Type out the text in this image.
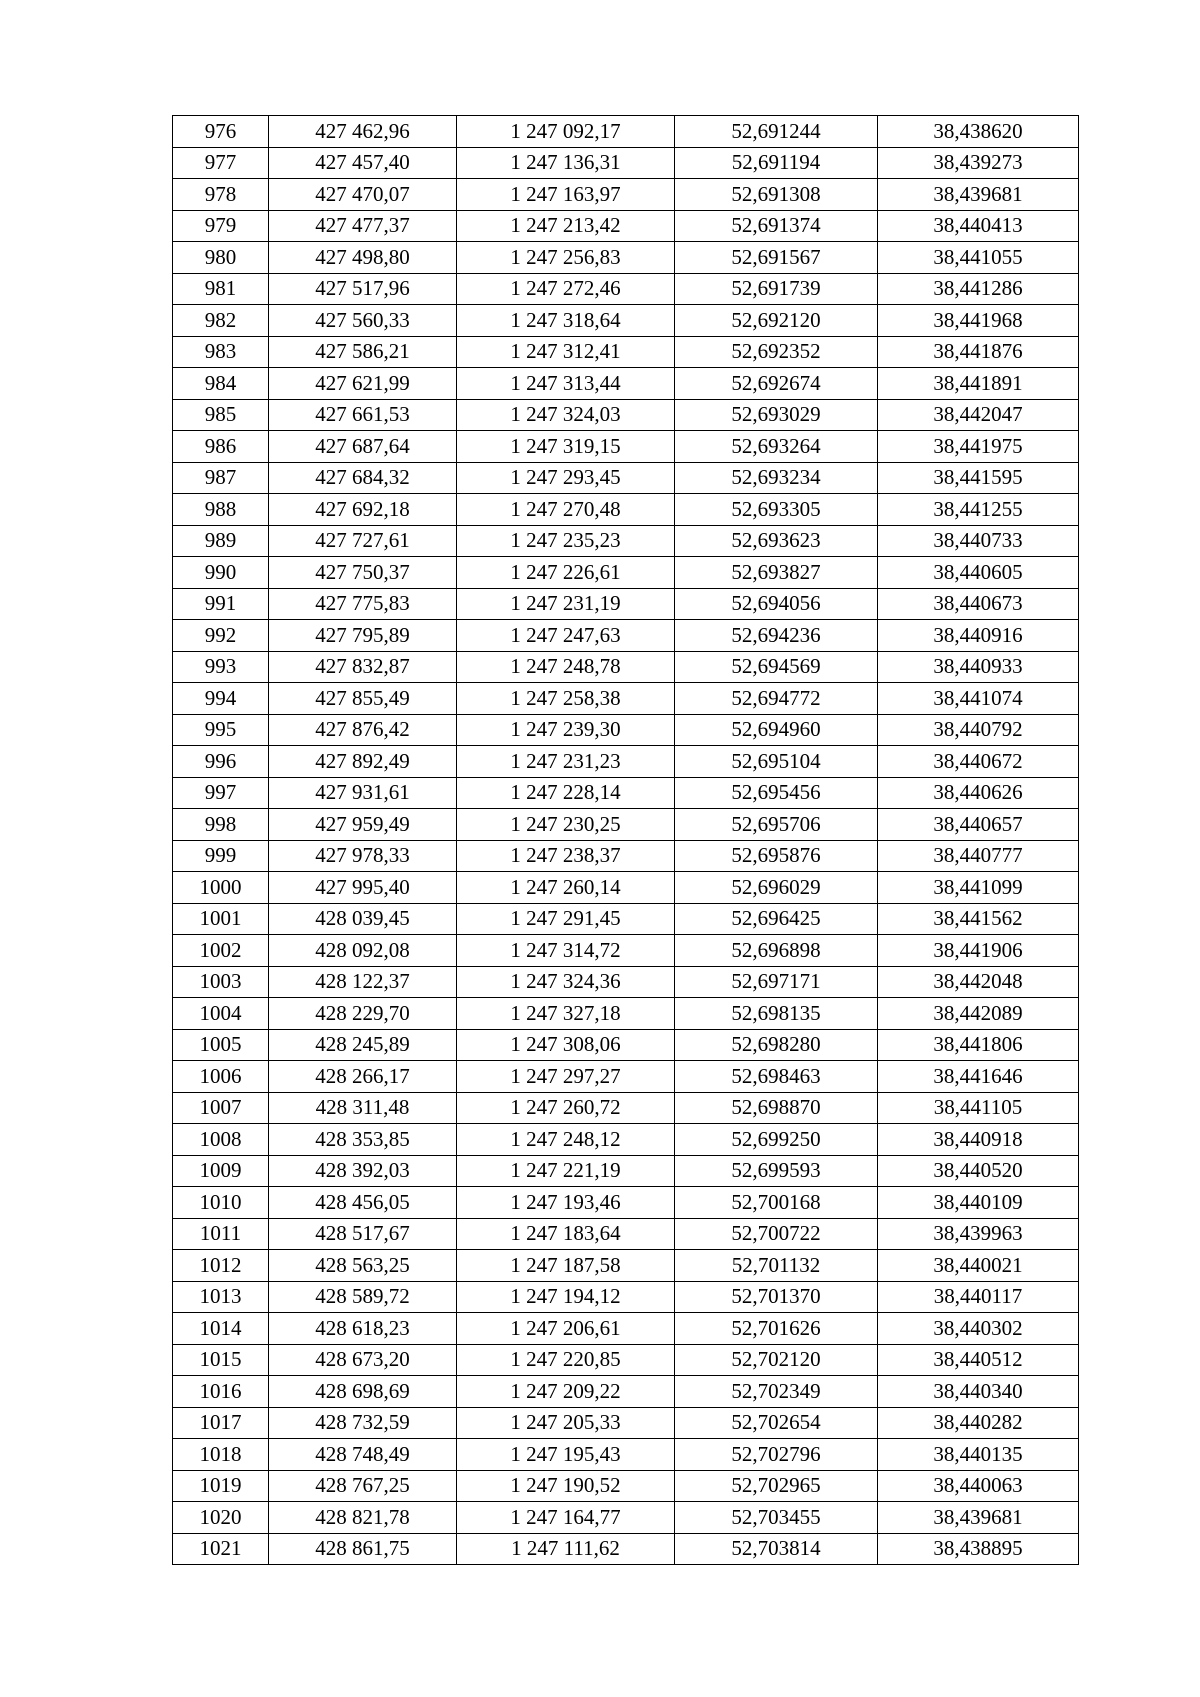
976	427 462,96	1 247 092,17	52,691244	38,438620
977	427 457,40	1 247 136,31	52,691194	38,439273
978	427 470,07	1 247 163,97	52,691308	38,439681
979	427 477,37	1 247 213,42	52,691374	38,440413
980	427 498,80	1 247 256,83	52,691567	38,441055
981	427 517,96	1 247 272,46	52,691739	38,441286
982	427 560,33	1 247 318,64	52,692120	38,441968
983	427 586,21	1 247 312,41	52,692352	38,441876
984	427 621,99	1 247 313,44	52,692674	38,441891
985	427 661,53	1 247 324,03	52,693029	38,442047
986	427 687,64	1 247 319,15	52,693264	38,441975
987	427 684,32	1 247 293,45	52,693234	38,441595
988	427 692,18	1 247 270,48	52,693305	38,441255
989	427 727,61	1 247 235,23	52,693623	38,440733
990	427 750,37	1 247 226,61	52,693827	38,440605
991	427 775,83	1 247 231,19	52,694056	38,440673
992	427 795,89	1 247 247,63	52,694236	38,440916
993	427 832,87	1 247 248,78	52,694569	38,440933
994	427 855,49	1 247 258,38	52,694772	38,441074
995	427 876,42	1 247 239,30	52,694960	38,440792
996	427 892,49	1 247 231,23	52,695104	38,440672
997	427 931,61	1 247 228,14	52,695456	38,440626
998	427 959,49	1 247 230,25	52,695706	38,440657
999	427 978,33	1 247 238,37	52,695876	38,440777
1000	427 995,40	1 247 260,14	52,696029	38,441099
1001	428 039,45	1 247 291,45	52,696425	38,441562
1002	428 092,08	1 247 314,72	52,696898	38,441906
1003	428 122,37	1 247 324,36	52,697171	38,442048
1004	428 229,70	1 247 327,18	52,698135	38,442089
1005	428 245,89	1 247 308,06	52,698280	38,441806
1006	428 266,17	1 247 297,27	52,698463	38,441646
1007	428 311,48	1 247 260,72	52,698870	38,441105
1008	428 353,85	1 247 248,12	52,699250	38,440918
1009	428 392,03	1 247 221,19	52,699593	38,440520
1010	428 456,05	1 247 193,46	52,700168	38,440109
1011	428 517,67	1 247 183,64	52,700722	38,439963
1012	428 563,25	1 247 187,58	52,701132	38,440021
1013	428 589,72	1 247 194,12	52,701370	38,440117
1014	428 618,23	1 247 206,61	52,701626	38,440302
1015	428 673,20	1 247 220,85	52,702120	38,440512
1016	428 698,69	1 247 209,22	52,702349	38,440340
1017	428 732,59	1 247 205,33	52,702654	38,440282
1018	428 748,49	1 247 195,43	52,702796	38,440135
1019	428 767,25	1 247 190,52	52,702965	38,440063
1020	428 821,78	1 247 164,77	52,703455	38,439681
1021	428 861,75	1 247 111,62	52,703814	38,438895
